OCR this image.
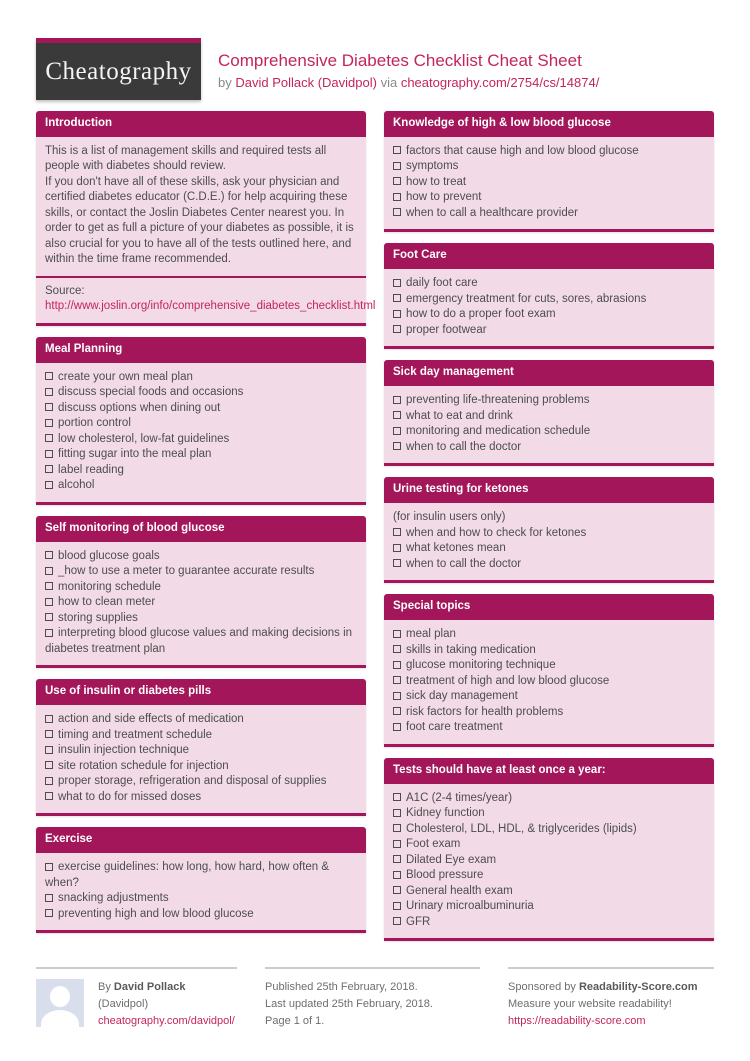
Cheatography Comprehensive Diabetes Checklist Cheat Sheet
by David Pollack (Davidpol) via cheatography.com/2754/cs/14874/
Introduction

This is a list of management skills and required tests all people with diabetes should review.

If you don't have all of these skills, ask your physician and certified diabetes educator (C.D.E.) for help acquiring these skills, or contact the Joslin Diabetes Center nearest you. In order to get as full a picture of your diabetes as possible, it is also crucial for you to have all of the tests outlined here, and within the time frame recommended.

Source:
http://www.joslin.org/info/comprehensive_diabetes_checklist.html
Meal Planning
create your own meal plan
discuss special foods and occasions
discuss options when dining out
portion control
low cholesterol, low-fat guidelines
fitting sugar into the meal plan
label reading
alcohol
Self monitoring of blood glucose
blood glucose goals
_how to use a meter to guarantee accurate results
monitoring schedule
how to clean meter
storing supplies
interpreting blood glucose values and making decisions in diabetes treatment plan
Use of insulin or diabetes pills
action and side effects of medication
timing and treatment schedule
insulin injection technique
site rotation schedule for injection
proper storage, refrigeration and disposal of supplies
what to do for missed doses
Exercise
exercise guidelines: how long, how hard, how often & when?
snacking adjustments
preventing high and low blood glucose
Knowledge of high & low blood glucose
factors that cause high and low blood glucose
symptoms
how to treat
how to prevent
when to call a healthcare provider
Foot Care
daily foot care
emergency treatment for cuts, sores, abrasions
how to do a proper foot exam
proper footwear
Sick day management
preventing life-threatening problems
what to eat and drink
monitoring and medication schedule
when to call the doctor
Urine testing for ketones
(for insulin users only)
when and how to check for ketones
what ketones mean
when to call the doctor
Special topics
meal plan
skills in taking medication
glucose monitoring technique
treatment of high and low blood glucose
sick day management
risk factors for health problems
foot care treatment
Tests should have at least once a year:
A1C (2-4 times/year)
Kidney function
Cholesterol, LDL, HDL, & triglycerides (lipids)
Foot exam
Dilated Eye exam
Blood pressure
General health exam
Urinary microalbuminuria
GFR
By David Pollack (Davidpol)
cheatography.com/davidpol/
Published 25th February, 2018.
Last updated 25th February, 2018.
Page 1 of 1.
Sponsored by Readability-Score.com
Measure your website readability!
https://readability-score.com
